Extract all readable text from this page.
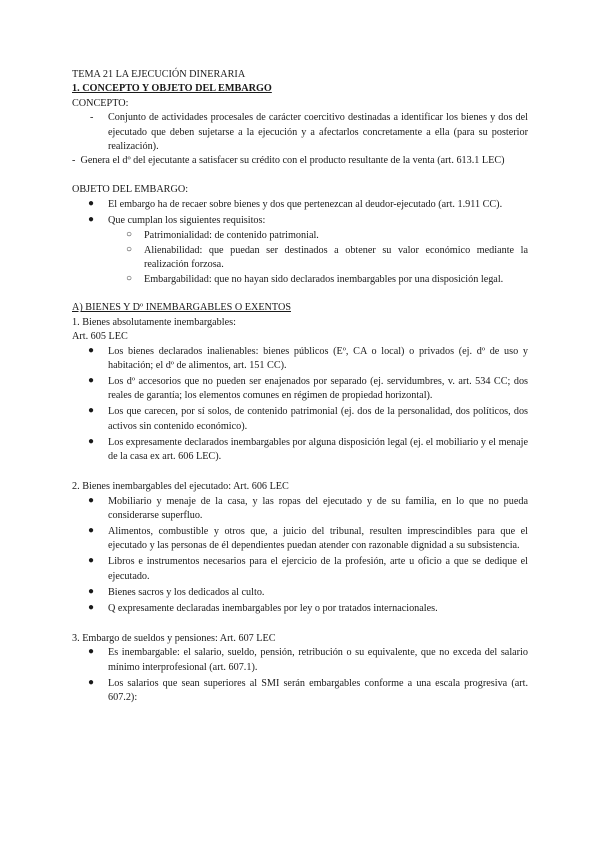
TEMA 21 LA EJECUCIÓN DINERARIA

1. CONCEPTO Y OBJETO DEL EMBARGO

CONCEPTO:

- Conjunto de actividades procesales de carácter coercitivo destinadas a identificar los bienes y dos del ejecutado que deben sujetarse a la ejecución y a afectarlos concretamente a ella (para su posterior realización).

- Genera el dº del ejecutante a satisfacer su crédito con el producto resultante de la venta (art. 613.1 LEC)

OBJETO DEL EMBARGO:

● El embargo ha de recaer sobre bienes y dos que pertenezcan al deudor-ejecutado (art. 1.911 CC).
● Que cumplan los siguientes requisitos:
○ Patrimonialidad: de contenido patrimonial.
○ Alienabilidad: que puedan ser destinados a obtener su valor económico mediante la realización forzosa.
○ Embargabilidad: que no hayan sido declarados inembargables por una disposición legal.

A) BIENES Y Dº INEMBARGABLES O EXENTOS

1. Bienes absolutamente inembargables:

Art. 605 LEC

● Los bienes declarados inalienables: bienes públicos (Eº, CA o local) o privados (ej. dº de uso y habitación; el dº de alimentos, art. 151 CC).
● Los dº accesorios que no pueden ser enajenados por separado (ej. servidumbres, v. art. 534 CC; dos reales de garantía; los elementos comunes en régimen de propiedad horizontal).
● Los que carecen, por sí solos, de contenido patrimonial (ej. dos de la personalidad, dos políticos, dos activos sin contenido económico).
● Los expresamente declarados inembargables por alguna disposición legal (ej. el mobiliario y el menaje de la casa ex art. 606 LEC).

2. Bienes inembargables del ejecutado: Art. 606 LEC

● Mobiliario y menaje de la casa, y las ropas del ejecutado y de su familia, en lo que no pueda considerarse superfluo.
● Alimentos, combustible y otros que, a juicio del tribunal, resulten imprescindibles para que el ejecutado y las personas de él dependientes puedan atender con razonable dignidad a su subsistencia.
● Libros e instrumentos necesarios para el ejercicio de la profesión, arte u oficio a que se dedique el ejecutado.
● Bienes sacros y los dedicados al culto.
● Q expresamente declaradas inembargables por ley o por tratados internacionales.

3. Embargo de sueldos y pensiones: Art. 607 LEC

● Es inembargable: el salario, sueldo, pensión, retribución o su equivalente, que no exceda del salario mínimo interprofesional (art. 607.1).
● Los salarios que sean superiores al SMI serán embargables conforme a una escala progresiva (art. 607.2):
